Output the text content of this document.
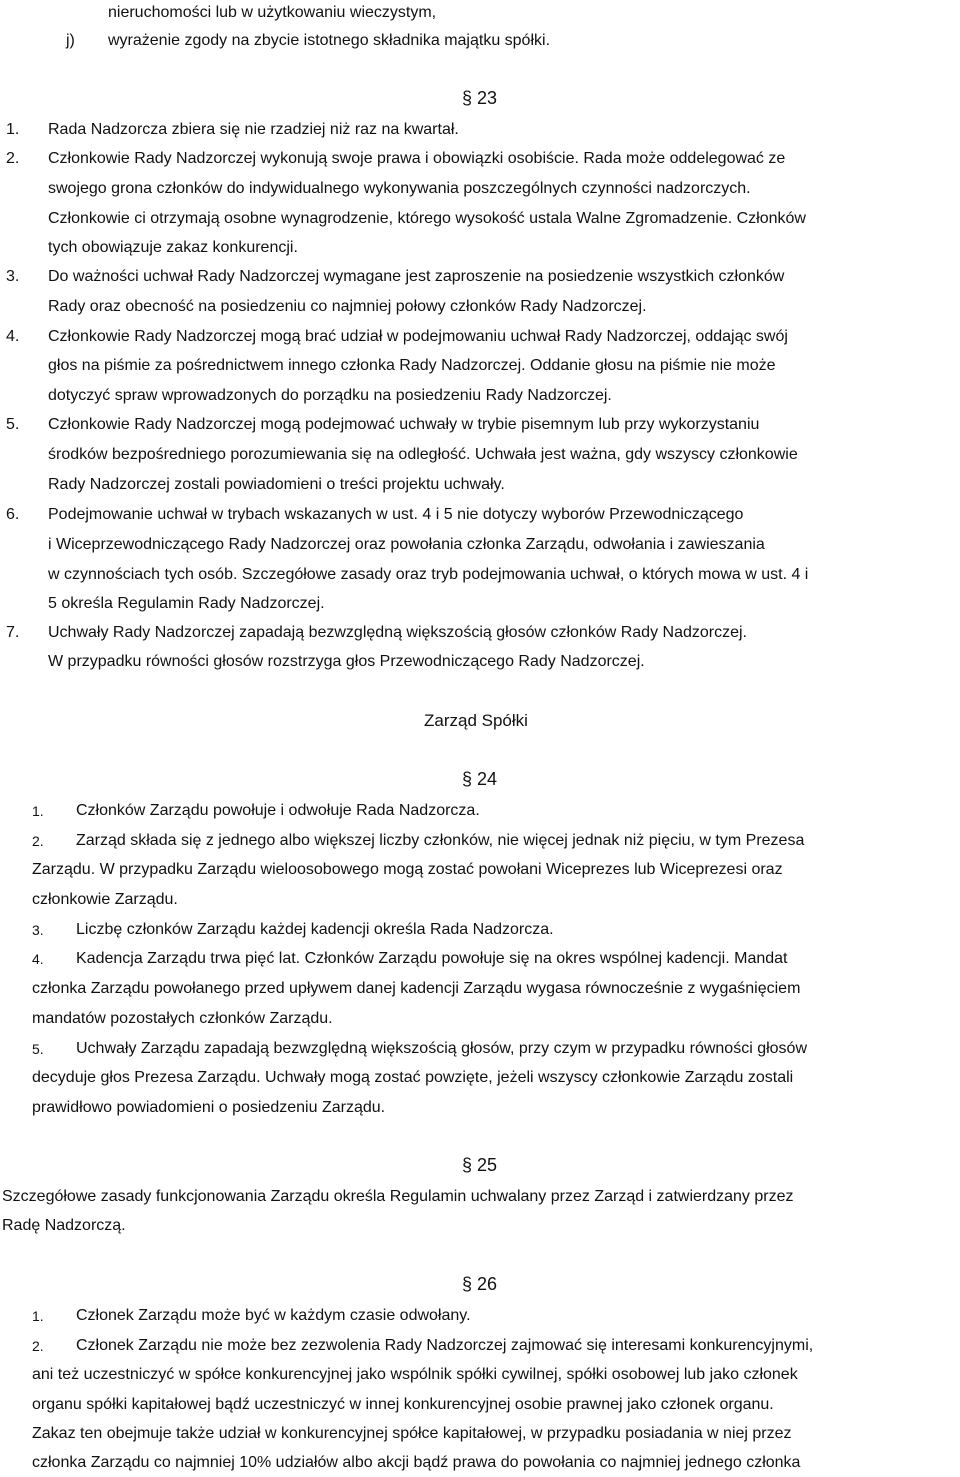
nieruchomości lub w użytkowaniu wieczystym,
j) wyrażenie zgody na zbycie istotnego składnika majątku spółki.
§ 23
1. Rada Nadzorcza zbiera się nie rzadziej niż raz na kwartał.
2. Członkowie Rady Nadzorczej wykonują swoje prawa i obowiązki osobiście. Rada może oddelegować ze
swojego grona członków do indywidualnego wykonywania poszczególnych czynności nadzorczych.
Członkowie ci otrzymają osobne wynagrodzenie, którego wysokość ustala Walne Zgromadzenie. Członków
tych obowiązuje zakaz konkurencji.
3. Do ważności uchwał Rady Nadzorczej wymagane jest zaproszenie na posiedzenie wszystkich członków
Rady oraz obecność na posiedzeniu co najmniej połowy członków Rady Nadzorczej.
4. Członkowie Rady Nadzorczej mogą brać udział w podejmowaniu uchwał Rady Nadzorczej, oddając swój
głos na piśmie za pośrednictwem innego członka Rady Nadzorczej. Oddanie głosu na piśmie nie może
dotyczyć spraw wprowadzonych do porządku na posiedzeniu Rady Nadzorczej.
5. Członkowie Rady Nadzorczej mogą podejmować uchwały w trybie pisemnym lub przy wykorzystaniu
środków bezpośredniego porozumiewania się na odległość. Uchwała jest ważna, gdy wszyscy członkowie
Rady Nadzorczej zostali powiadomieni o treści projektu uchwały.
6. Podejmowanie uchwał w trybach wskazanych w ust. 4 i 5 nie dotyczy wyborów Przewodniczącego
i Wiceprzewodniczącego Rady Nadzorczej oraz powołania członka Zarządu, odwołania i zawieszania
w czynnościach tych osób. Szczegółowe zasady oraz tryb podejmowania uchwał, o których mowa w ust. 4 i
5 określa Regulamin Rady Nadzorczej.
7. Uchwały Rady Nadzorczej zapadają bezwzględną większością głosów członków Rady Nadzorczej.
W przypadku równości głosów rozstrzyga głos Przewodniczącego Rady Nadzorczej.
Zarząd Spółki
§ 24
1. Członków Zarządu powołuje i odwołuje Rada Nadzorcza.
2. Zarząd składa się z jednego albo większej liczby członków, nie więcej jednak niż pięciu, w tym Prezesa
Zarządu. W przypadku Zarządu wieloosobowego mogą zostać powołani Wiceprezes lub Wiceprezesi oraz
członkowie Zarządu.
3. Liczbę członków Zarządu każdej kadencji określa Rada Nadzorcza.
4. Kadencja Zarządu trwa pięć lat. Członków Zarządu powołuje się na okres wspólnej kadencji. Mandat
członka Zarządu powołanego przed upływem danej kadencji Zarządu wygasa równocześnie z wygaśnięciem
mandatów pozostałych członków Zarządu.
5. Uchwały Zarządu zapadają bezwzględną większością głosów, przy czym w przypadku równości głosów
decyduje głos Prezesa Zarządu. Uchwały mogą zostać powzięte, jeżeli wszyscy członkowie Zarządu zostali
prawidłowo powiadomieni o posiedzeniu Zarządu.
§ 25
Szczegółowe zasady funkcjonowania Zarządu określa Regulamin uchwalany przez Zarząd i zatwierdzany przez
Radę Nadzorczą.
§ 26
1. Członek Zarządu może być w każdym czasie odwołany.
2. Członek Zarządu nie może bez zezwolenia Rady Nadzorczej zajmować się interesami konkurencyjnymi,
ani też uczestniczyć w spółce konkurencyjnej jako wspólnik spółki cywilnej, spółki osobowej lub jako członek
organu spółki kapitałowej bądź uczestniczyć w innej konkurencyjnej osobie prawnej jako członek organu.
Zakaz ten obejmuje także udział w konkurencyjnej spółce kapitałowej, w przypadku posiadania w niej przez
członka Zarządu co najmniej 10% udziałów albo akcji bądź prawa do powołania co najmniej jednego członka
